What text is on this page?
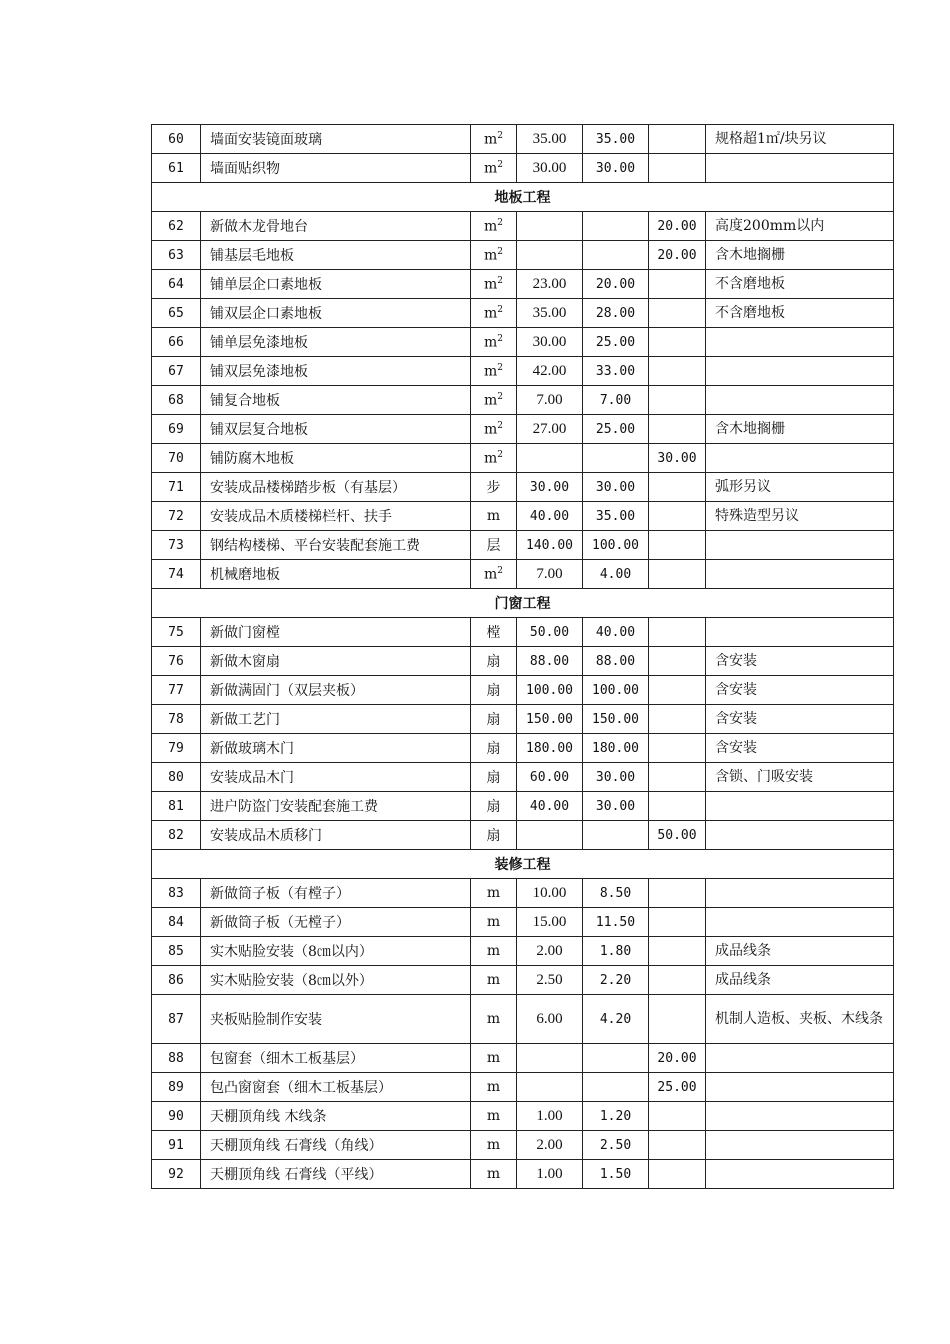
60	墙面安装镜面玻璃	$m^2$	35.00	35.00		规格超1㎡/块另议
61	墙面贴织物	$m^2$	30.00	30.00		
地板工程						
62	新做木龙骨地台	$m^2$			20.00	高度200mm以内
63	铺基层毛地板	$m^2$			20.00	含木地搁栅
64	铺单层企口素地板	$m^2$	23.00	20.00		不含磨地板
65	铺双层企口素地板	$m^2$	35.00	28.00		不含磨地板
66	铺单层免漆地板	$m^2$	30.00	25.00		
67	铺双层免漆地板	$m^2$	42.00	33.00		
68	铺复合地板	$m^2$	7.00	7.00		
69	铺双层复合地板	$m^2$	27.00	25.00		含木地搁栅
70	铺防腐木地板	$m^2$			30.00	
71	安装成品楼梯踏步板（有基层）	步	30.00	30.00		弧形另议
72	安装成品木质楼梯栏杆、扶手	m	40.00	35.00		特殊造型另议
73	钢结构楼梯、平台安装配套施工费	层	140.00	100.00		
74	机械磨地板	$m^2$	7.00	4.00		
门窗工程						
75	新做门窗樘	樘	50.00	40.00		
76	新做木窗扇	扇	88.00	88.00		含安装
77	新做满固门（双层夹板）	扇	100.00	100.00		含安装
78	新做工艺门	扇	150.00	150.00		含安装
79	新做玻璃木门	扇	180.00	180.00		含安装
80	安装成品木门	扇	60.00	30.00		含锁、门吸安装
81	进户防盗门安装配套施工费	扇	40.00	30.00		
82	安装成品木质移门	扇			50.00	
装修工程						
83	新做筒子板（有樘子）	m	10.00	8.50		
84	新做筒子板（无樘子）	m	15.00	11.50		
85	实木贴脸安装（8㎝以内）	m	2.00	1.80		成品线条
86	实木贴脸安装（8㎝以外）	m	2.50	2.20		成品线条
87	夹板贴脸制作安装	m	6.00	4.20		机制人造板、夹板、木线条
88	包窗套（细木工板基层）	m			20.00	
89	包凸窗窗套（细木工板基层）	m			25.00	
90	天棚顶角线 木线条	m	1.00	1.20		
91	天棚顶角线 石膏线（角线）	m	2.00	2.50		
92	天棚顶角线 石膏线（平线）	m	1.00	1.50		
